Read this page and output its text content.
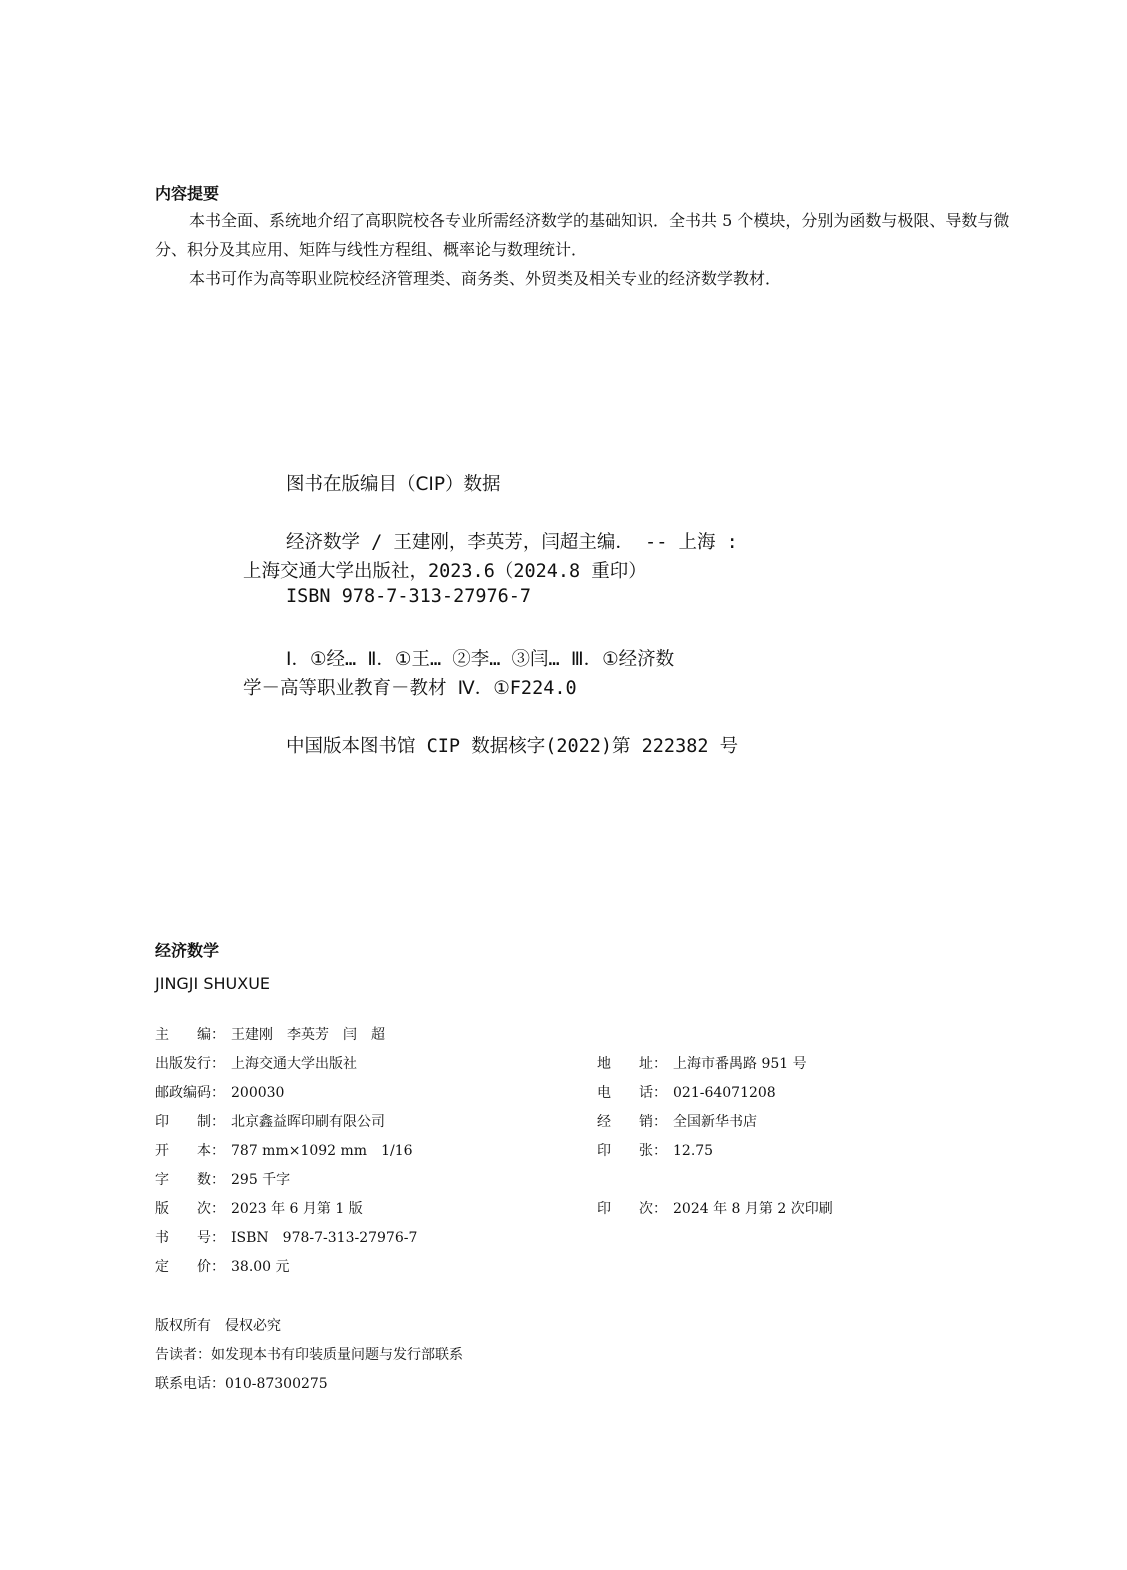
内容提要

本书全面、系统地介绍了高职院校各专业所需经济数学的基础知识．全书共 5 个模块，分别为函数与极限、导数与微分、积分及其应用、矩阵与线性方程组、概率论与数理统计．

本书可作为高等职业院校经济管理类、商务类、外贸类及相关专业的经济数学教材．

图书在版编目（CIP）数据
经济数学 / 王建刚，李英芳，闫超主编． -- 上海 :
上海交通大学出版社，2023.6（2024.8 重印）
ISBN 978-7-313-27976-7
Ⅰ．①经… Ⅱ．①王… ②李… ③闫… Ⅲ．①经济数
学－高等职业教育－教材 Ⅳ．①F224.0
中国版本图书馆 CIP 数据核字(2022)第 222382 号
经济数学
JINGJI SHUXUE
主　　编： 王建刚　李英芳　闫　超
出版发行： 上海交通大学出版社
邮政编码： 200030
印　　制： 北京鑫益晖印刷有限公司
开　　本： 787 mm×1092 mm　1/16
字　　数： 295 千字
版　　次： 2023 年 6 月第 1 版
书　　号： ISBN　978-7-313-27976-7
定　　价： 38.00 元
地　　址： 上海市番禺路 951 号
电　　话： 021-64071208
经　　销： 全国新华书店
印　　张： 12.75
印　　次： 2024 年 8 月第 2 次印刷
版权所有　侵权必究
告读者：如发现本书有印装质量问题与发行部联系
联系电话：010-87300275
